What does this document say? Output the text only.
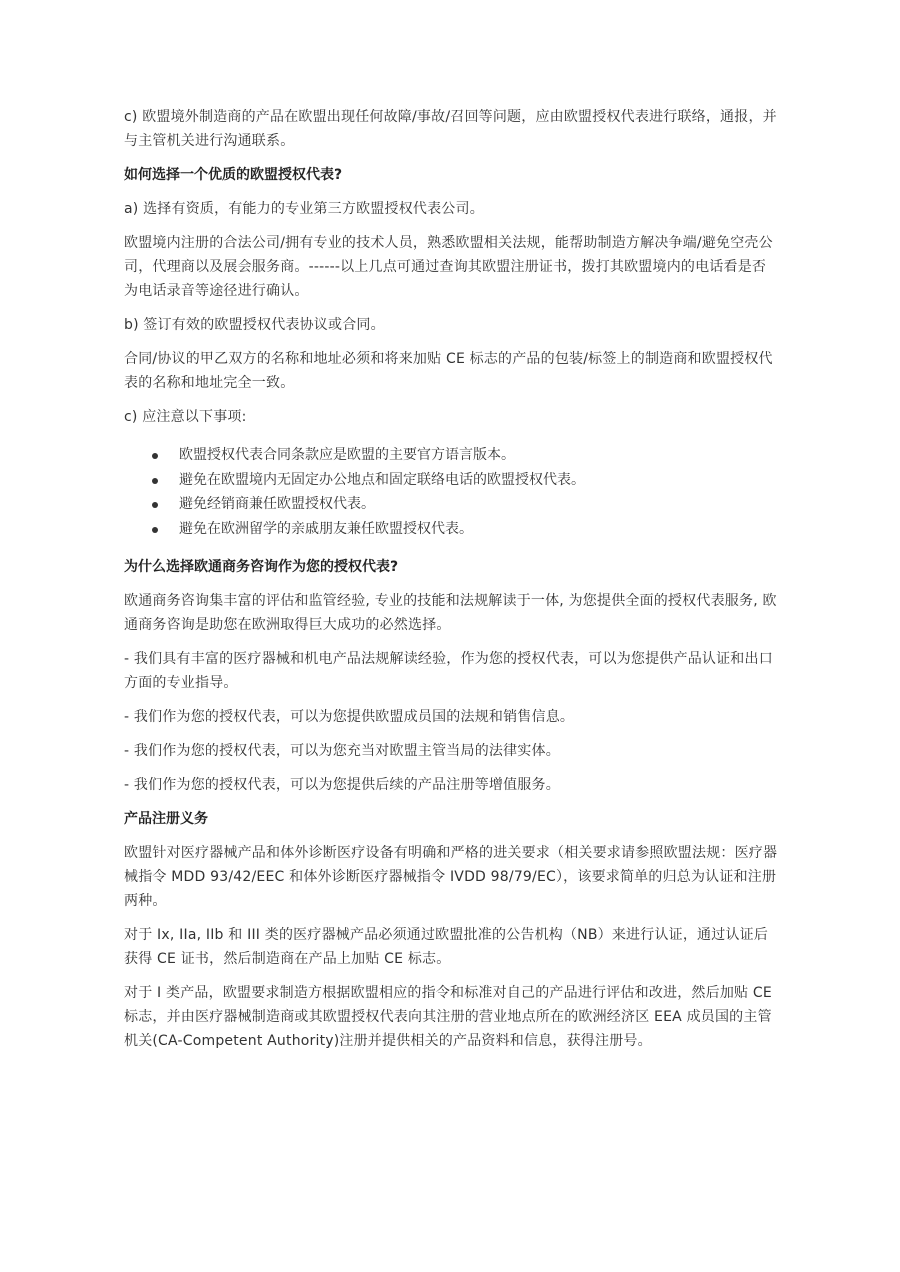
c) 欧盟境外制造商的产品在欧盟出现任何故障/事故/召回等问题，应由欧盟授权代表进行联络，通报，并与主管机关进行沟通联系。

如何选择一个优质的欧盟授权代表?

a) 选择有资质，有能力的专业第三方欧盟授权代表公司。

欧盟境内注册的合法公司/拥有专业的技术人员，熟悉欧盟相关法规，能帮助制造方解决争端/避免空壳公司，代理商以及展会服务商。------以上几点可通过查询其欧盟注册证书，拨打其欧盟境内的电话看是否为电话录音等途径进行确认。

b) 签订有效的欧盟授权代表协议或合同。

合同/协议的甲乙双方的名称和地址必须和将来加贴 CE 标志的产品的包装/标签上的制造商和欧盟授权代表的名称和地址完全一致。

c) 应注意以下事项:

欧盟授权代表合同条款应是欧盟的主要官方语言版本。
避免在欧盟境内无固定办公地点和固定联络电话的欧盟授权代表。
避免经销商兼任欧盟授权代表。
避免在欧洲留学的亲戚朋友兼任欧盟授权代表。

为什么选择欧通商务咨询作为您的授权代表?

欧通商务咨询集丰富的评估和监管经验, 专业的技能和法规解读于一体, 为您提供全面的授权代表服务, 欧通商务咨询是助您在欧洲取得巨大成功的必然选择。

- 我们具有丰富的医疗器械和机电产品法规解读经验，作为您的授权代表，可以为您提供产品认证和出口方面的专业指导。

- 我们作为您的授权代表，可以为您提供欧盟成员国的法规和销售信息。

- 我们作为您的授权代表，可以为您充当对欧盟主管当局的法律实体。

- 我们作为您的授权代表，可以为您提供后续的产品注册等增值服务。

产品注册义务

欧盟针对医疗器械产品和体外诊断医疗设备有明确和严格的进关要求（相关要求请参照欧盟法规：医疗器械指令 MDD 93/42/EEC 和体外诊断医疗器械指令 IVDD 98/79/EC），该要求简单的归总为认证和注册两种。

对于 Ix, IIa, IIb 和 III 类的医疗器械产品必须通过欧盟批准的公告机构（NB）来进行认证，通过认证后获得 CE 证书，然后制造商在产品上加贴 CE 标志。

对于 I 类产品，欧盟要求制造方根据欧盟相应的指令和标准对自己的产品进行评估和改进，然后加贴 CE 标志，并由医疗器械制造商或其欧盟授权代表向其注册的营业地点所在的欧洲经济区 EEA 成员国的主管机关(CA-Competent Authority)注册并提供相关的产品资料和信息，获得注册号。
